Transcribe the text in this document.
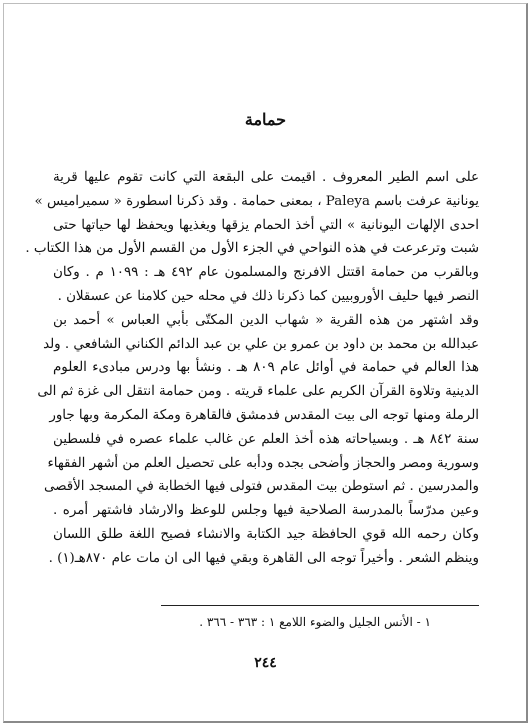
حمامة
على اسم الطير المعروف . اقيمت على البقعة التي كانت تقوم عليها قرية
يونانية عرفت باسم Paleya ، بمعنى حمامة . وقد ذكرنا اسطورة « سميراميس »
احدى الإلهات اليونانية » التي أخذ الحمام يزقها ويغذيها ويحفظ لها حياتها حتى
شبت وترعرعت في هذه النواحي في الجزء الأول من القسم الأول من هذا الكتاب .
وبالقرب من حمامة اقتتل الافرنج والمسلمون عام ٤٩٢ هـ : ١٠٩٩ م . وكان
النصر فيها حليف الأوروبيين كما ذكرنا ذلك في محله حين كلامنا عن عسقلان .
وقد اشتهر من هذه القرية « شهاب الدين المكتّى بأبي العباس » أحمد بن
عبدالله بن محمد بن داود بن عمرو بن علي بن عبد الدائم الكناني الشافعي . ولد
هذا العالم في حمامة في أوائل عام ٨٠٩ هـ . ونشأ بها ودرس مبادىء العلوم
الدينية وتلاوة القرآن الكريم على علماء قريته . ومن حمامة انتقل الى غزة ثم الى
الرملة ومنها توجه الى بيت المقدس فدمشق فالقاهرة ومكة المكرمة وبها جاور
سنة ٨٤٢ هـ . وبسياحاته هذه أخذ العلم عن غالب علماء عصره في فلسطين
وسورية ومصر والحجاز وأضحى بجده ودأبه على تحصيل العلم من أشهر الفقهاء
والمدرسين . ثم استوطن بيت المقدس فتولى فيها الخطابة في المسجد الأقصى
وعين مدرّساً بالمدرسة الصلاحية فيها وجلس للوعظ والارشاد فاشتهر أمره .
وكان رحمه الله قوي الحافظة جيد الكتابة والانشاء فصيح اللغة طلق اللسان
وينظم الشعر . وأخيراً توجه الى القاهرة وبقي فيها الى ان مات عام ٨٧٠هـ(١) .
١ - الأنس الجليل والضوء اللامع ١ : ٣٦٣ - ٣٦٦ .
٢٤٤
